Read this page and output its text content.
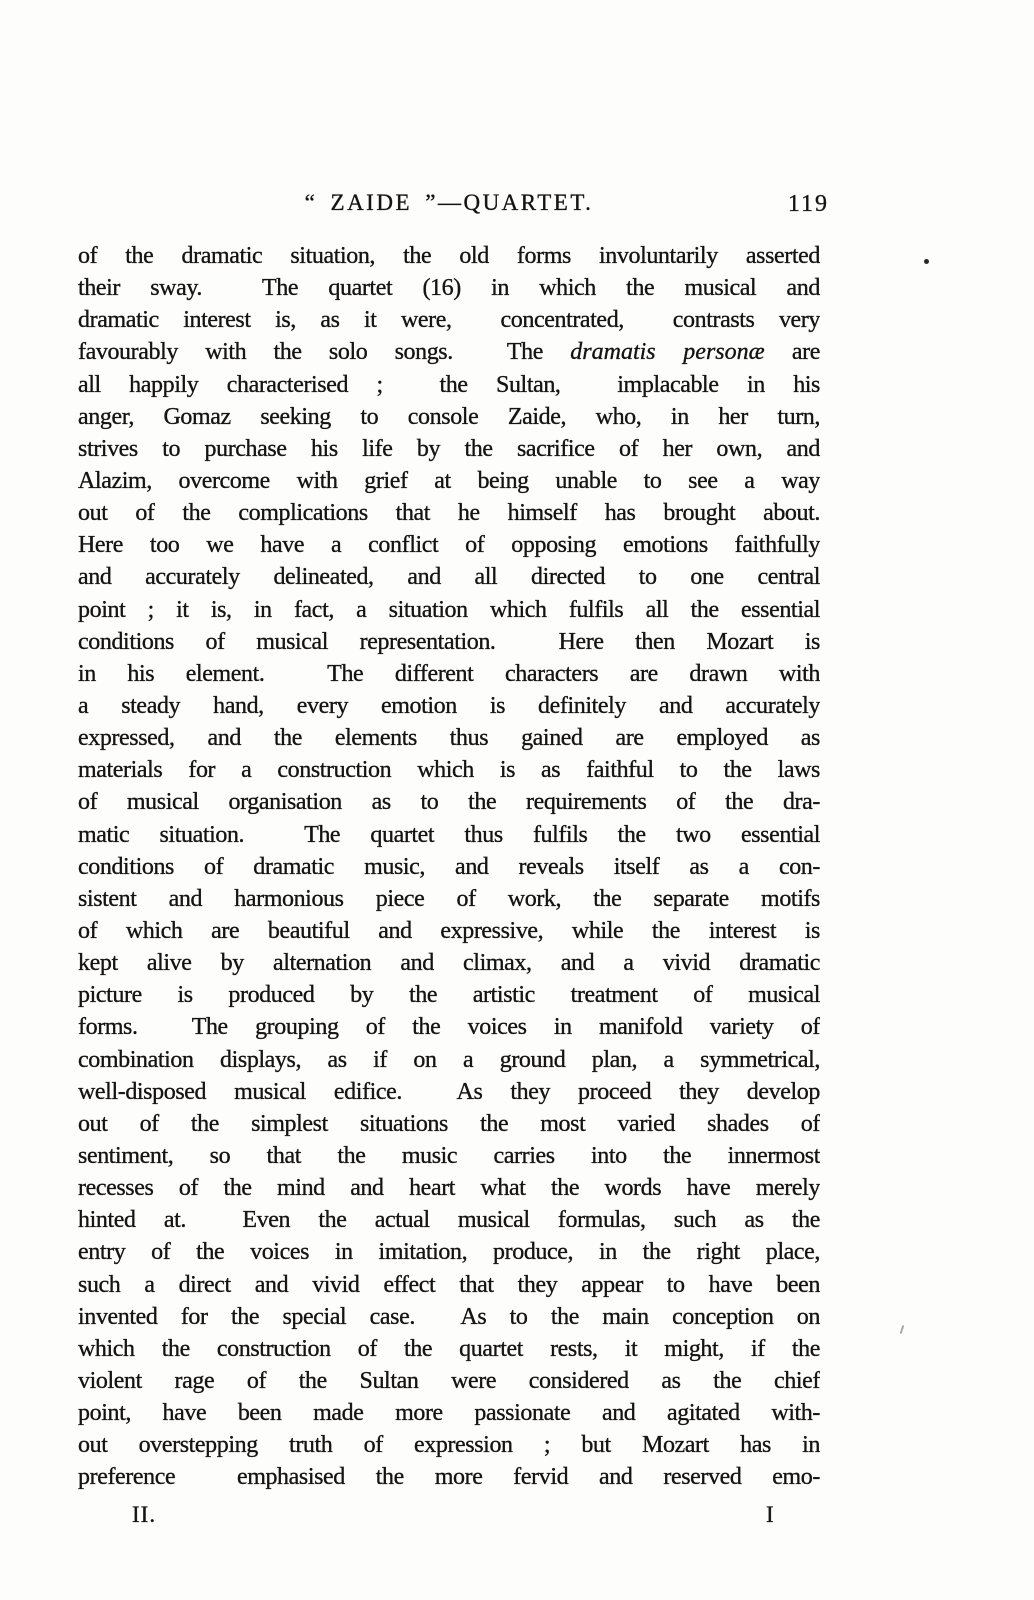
“ ZAIDE ”—QUARTET.	119
of the dramatic situation, the old forms involuntarily asserted
their sway.  The quartet (16) in which the musical and
dramatic interest is, as it were,  concentrated,  contrasts very
favourably with the solo songs.  The dramatis personæ are
all happily characterised ;  the Sultan,  implacable in his
anger, Gomaz seeking to console Zaide, who, in her turn,
strives to purchase his life by the sacrifice of her own, and
Alazim, overcome with grief at being unable to see a way
out of the complications that he himself has brought about.
Here too we have a conflict of opposing emotions faithfully
and accurately delineated, and all directed to one central
point ; it is, in fact, a situation which fulfils all the essential
conditions of musical representation.  Here then Mozart is
in his element.  The different characters are drawn with
a steady hand, every emotion is definitely and accurately
expressed, and the elements thus gained are employed as
materials for a construction which is as faithful to the laws
of musical organisation as to the requirements of the dra-
matic situation.  The quartet thus fulfils the two essential
conditions of dramatic music, and reveals itself as a con-
sistent and harmonious piece of work, the separate motifs
of which are beautiful and expressive, while the interest is
kept alive by alternation and climax, and a vivid dramatic
picture is produced by the artistic treatment of musical
forms.  The grouping of the voices in manifold variety of
combination displays, as if on a ground plan, a symmetrical,
well-disposed musical edifice.  As they proceed they develop
out of the simplest situations the most varied shades of
sentiment, so that the music carries into the innermost
recesses of the mind and heart what the words have merely
hinted at.  Even the actual musical formulas, such as the
entry of the voices in imitation, produce, in the right place,
such a direct and vivid effect that they appear to have been
invented for the special case.  As to the main conception on
which the construction of the quartet rests, it might, if the
violent rage of the Sultan were considered as the chief
point, have been made more passionate and agitated with-
out overstepping truth of expression ; but Mozart has in
preference  emphasised the more fervid and reserved emo-
II.	I
